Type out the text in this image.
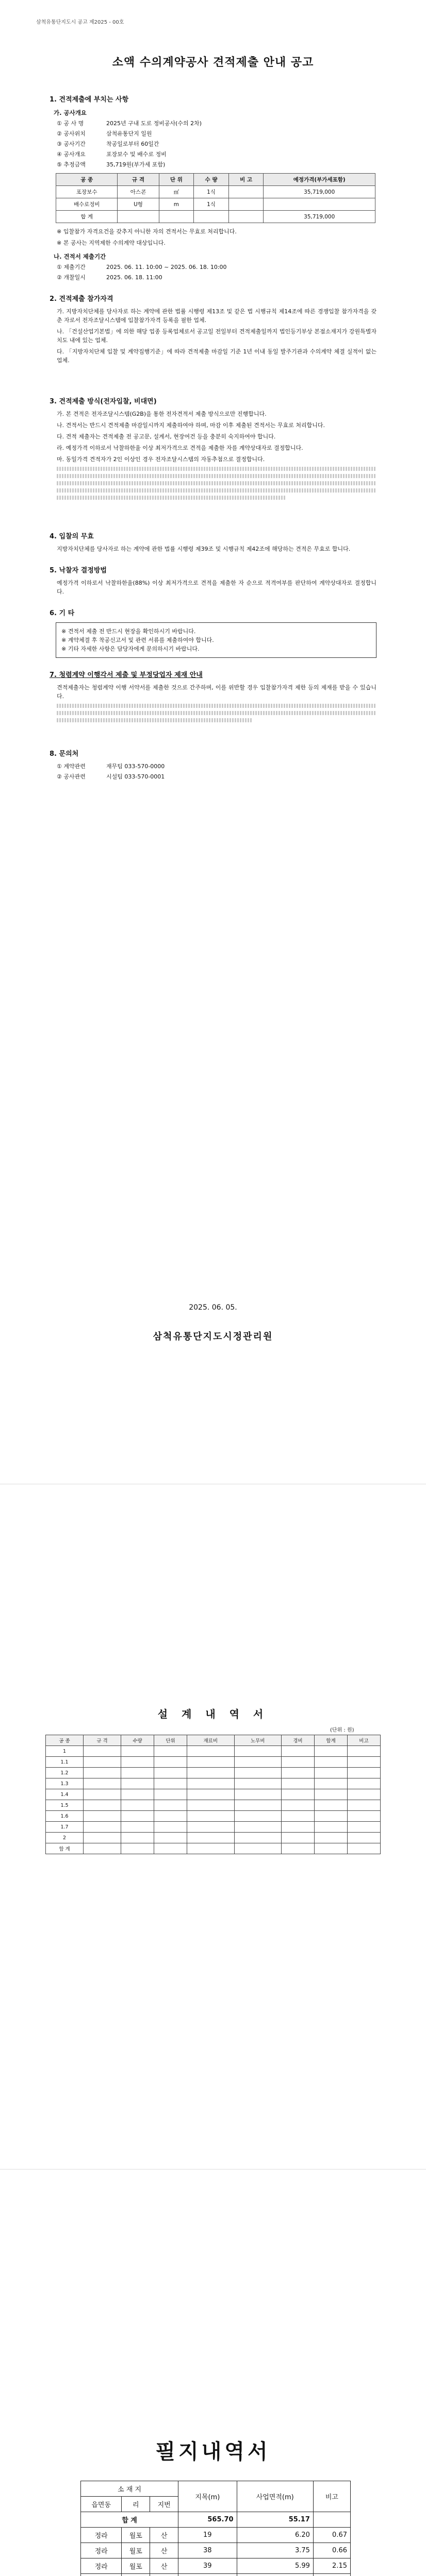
삼척유통단지도시 공고 제2025 - 00호
소액 수의계약공사 견적제출 안내 공고
1. 견적제출에 부치는 사항
가. 공사개요
① 공 사 명	2025년 구내 도로 정비공사(수의 2차)
② 공사위치	삼척유통단지 일원
③ 공사기간	착공일로부터 60일간
④ 공사개요	포장보수 및 배수로 정비
⑤ 추정금액	35,719원(부가세 포함)
공 종	규 격	단 위	수 량	비 고	예정가격(부가세포함)
포장보수	아스콘	㎡	1식		35,719,000
배수로정비	U형	m	1식		
합 계					35,719,000
※ 입찰참가 자격요건을 갖추지 아니한 자의 견적서는 무효로 처리합니다.
※ 본 공사는 지역제한 수의계약 대상입니다.
나. 견적서 제출기간
① 제출기간	2025. 06. 11. 10:00 ~ 2025. 06. 18. 10:00
② 개찰일시	2025. 06. 18. 11:00
2. 견적제출 참가자격
가. 지방자치단체를 당사자로 하는 계약에 관한 법률 시행령 제13조 및 같은 법 시행규칙 제14조에 따른 경쟁입찰 참가자격을 갖춘 자로서 전자조달시스템에 입찰참가자격 등록을 필한 업체.
나. 「건설산업기본법」에 의한 해당 업종 등록업체로서 공고일 전일부터 견적제출일까지 법인등기부상 본점소재지가 강원특별자치도 내에 있는 업체.
다. 「지방자치단체 입찰 및 계약집행기준」에 따라 견적제출 마감일 기준 1년 이내 동일 발주기관과 수의계약 체결 실적이 없는 업체.
3. 견적제출 방식(전자입찰, 비대면)
가. 본 견적은 전자조달시스템(G2B)을 통한 전자견적서 제출 방식으로만 진행합니다.
나. 견적서는 반드시 견적제출 마감일시까지 제출하여야 하며, 마감 이후 제출된 견적서는 무효로 처리합니다.
다. 견적 제출자는 견적제출 전 공고문, 설계서, 현장여건 등을 충분히 숙지하여야 합니다.
라. 예정가격 이하로서 낙찰하한율 이상 최저가격으로 견적을 제출한 자를 계약상대자로 결정합니다.
마. 동일가격 견적자가 2인 이상인 경우 전자조달시스템의 자동추첨으로 결정합니다.
4. 입찰의 무효
지방자치단체를 당사자로 하는 계약에 관한 법률 시행령 제39조 및 시행규칙 제42조에 해당하는 견적은 무효로 합니다.
5. 낙찰자 결정방법
예정가격 이하로서 낙찰하한율(88%) 이상 최저가격으로 견적을 제출한 자 순으로 적격여부를 판단하여 계약상대자로 결정합니다.
6. 기 타
※ 견적서 제출 전 반드시 현장을 확인하시기 바랍니다.
※ 계약체결 후 착공신고서 및 관련 서류를 제출하여야 합니다.
※ 기타 자세한 사항은 담당자에게 문의하시기 바랍니다.
7. 청렴계약 이행각서 제출 및 부정당업자 제재 안내
견적제출자는 청렴계약 이행 서약서를 제출한 것으로 간주하며, 이를 위반할 경우 입찰참가자격 제한 등의 제재를 받을 수 있습니다.
8. 문의처
① 계약관련	재무팀 033-570-0000
② 공사관련	시설팀 033-570-0001
2025. 06. 05.
삼척유통단지도시정관리원
설 계 내 역 서
(단위 : 원)
공 종	규 격	수량	단위	재료비	노무비	경비	합계	비고
1								
1.1								
1.2								
1.3								
1.4								
1.5								
1.6								
1.7								
2								
합 계								
필지내역서
소 재 지			지목(m)	사업면적(m)	비고
읍면동	리	지번			
합 계			565.70	55.17	
정라	월포	산	19	6.20	0.67
정라	월포	산	38	3.75	0.66
정라	월포	산	39	5.99	2.15
